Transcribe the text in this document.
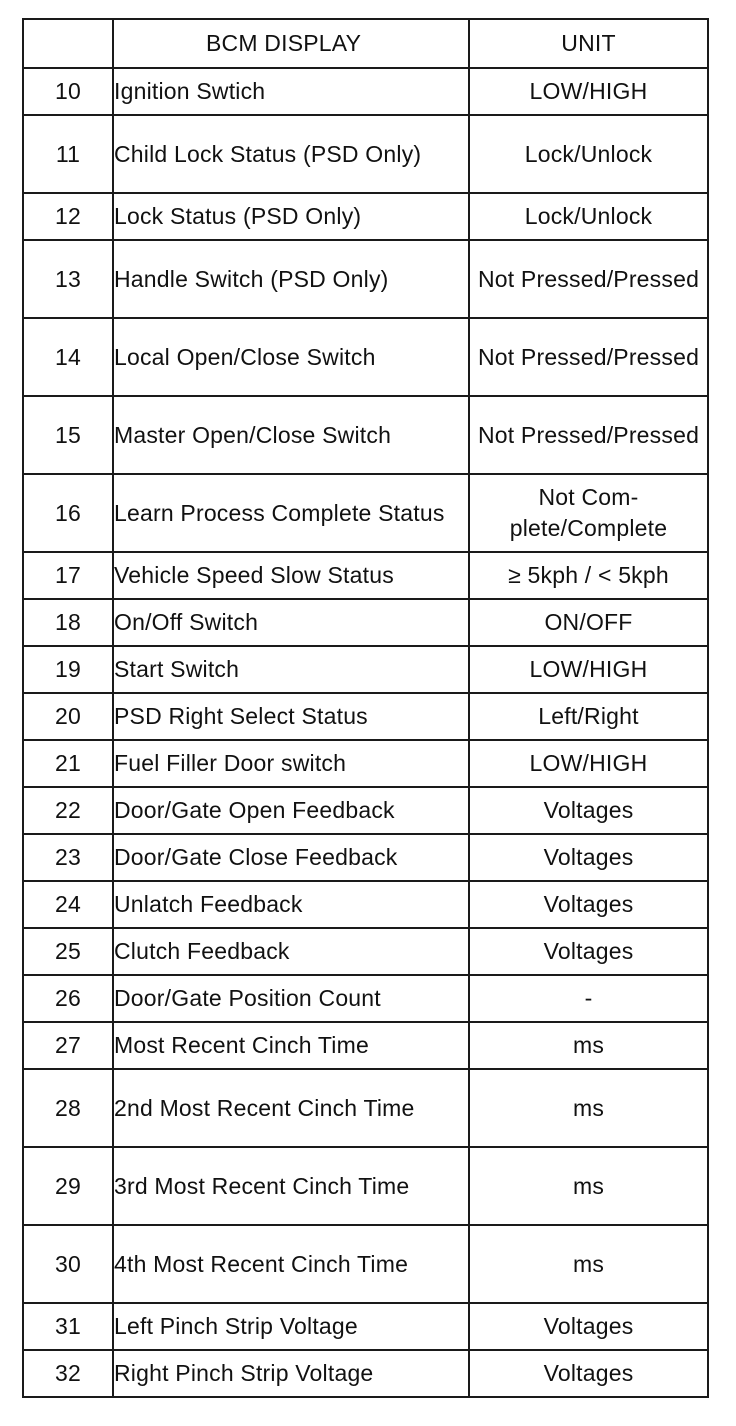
	BCM DISPLAY	UNIT
10	Ignition Swtich	LOW/HIGH
11	Child Lock Status (PSD Only)	Lock/Unlock
12	Lock Status (PSD Only)	Lock/Unlock
13	Handle Switch (PSD Only)	Not Pressed/Pressed
14	Local Open/Close Switch	Not Pressed/Pressed
15	Master Open/Close Switch	Not Pressed/Pressed
16	Learn Process Complete Status	Not Com- plete/Complete
17	Vehicle Speed Slow Status	≥ 5kph / < 5kph
18	On/Off Switch	ON/OFF
19	Start Switch	LOW/HIGH
20	PSD Right Select Status	Left/Right
21	Fuel Filler Door switch	LOW/HIGH
22	Door/Gate Open Feedback	Voltages
23	Door/Gate Close Feedback	Voltages
24	Unlatch Feedback	Voltages
25	Clutch Feedback	Voltages
26	Door/Gate Position Count	-
27	Most Recent Cinch Time	ms
28	2nd Most Recent Cinch Time	ms
29	3rd Most Recent Cinch Time	ms
30	4th Most Recent Cinch Time	ms
31	Left Pinch Strip Voltage	Voltages
32	Right Pinch Strip Voltage	Voltages
